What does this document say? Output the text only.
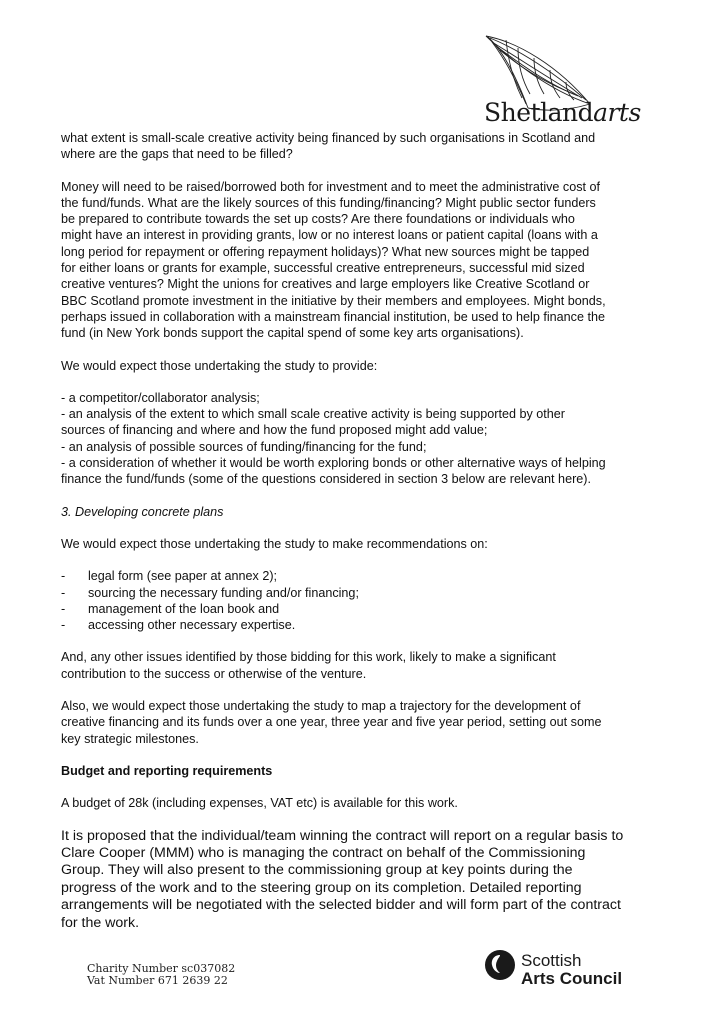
Shetlandarts
what extent is small-scale creative activity being financed by such organisations in Scotland and
where are the gaps that need to be filled?
Money will need to be raised/borrowed both for investment and to meet the administrative cost of
the fund/funds. What are the likely sources of this funding/financing? Might public sector funders
be prepared to contribute towards the set up costs? Are there foundations or individuals who
might have an interest in providing grants, low or no interest loans or patient capital (loans with a
long period for repayment or offering repayment holidays)? What new sources might be tapped
for either loans or grants for example, successful creative entrepreneurs, successful mid sized
creative ventures? Might the unions for creatives and large employers like Creative Scotland or
BBC Scotland promote investment in the initiative by their members and employees. Might bonds,
perhaps issued in collaboration with a mainstream financial institution, be used to help finance the
fund (in New York bonds support the capital spend of some key arts organisations).
We would expect those undertaking the study to provide:
- a competitor/collaborator analysis;
- an analysis of the extent to which small scale creative activity is being supported by other
sources of financing and where and how the fund proposed might add value;
- an analysis of possible sources of funding/financing for the fund;
- a consideration of whether it would be worth exploring bonds or other alternative ways of helping
finance the fund/funds (some of the questions considered in section 3 below are relevant here).
3. Developing concrete plans
We would expect those undertaking the study to make recommendations on:
-	legal form (see paper at annex 2);
-	sourcing the necessary funding and/or financing;
-	management of the loan book and
-	accessing other necessary expertise.
And, any other issues identified by those bidding for this work, likely to make a significant
contribution to the success or otherwise of the venture.
Also, we would expect those undertaking the study to map a trajectory for the development of
creative financing and its funds over a one year, three year and five year period, setting out some
key strategic milestones.
Budget and reporting requirements
A budget of 28k (including expenses, VAT etc) is available for this work.
It is proposed that the individual/team winning the contract will report on a regular basis to
Clare Cooper (MMM) who is managing the contract on behalf of the Commissioning
Group. They will also present to the commissioning group at key points during the
progress of the work and to the steering group on its completion. Detailed reporting
arrangements will be negotiated with the selected bidder and will form part of the contract
for the work.
Charity Number sc037082
Vat Number 671 2639 22
Scottish
Arts Council
